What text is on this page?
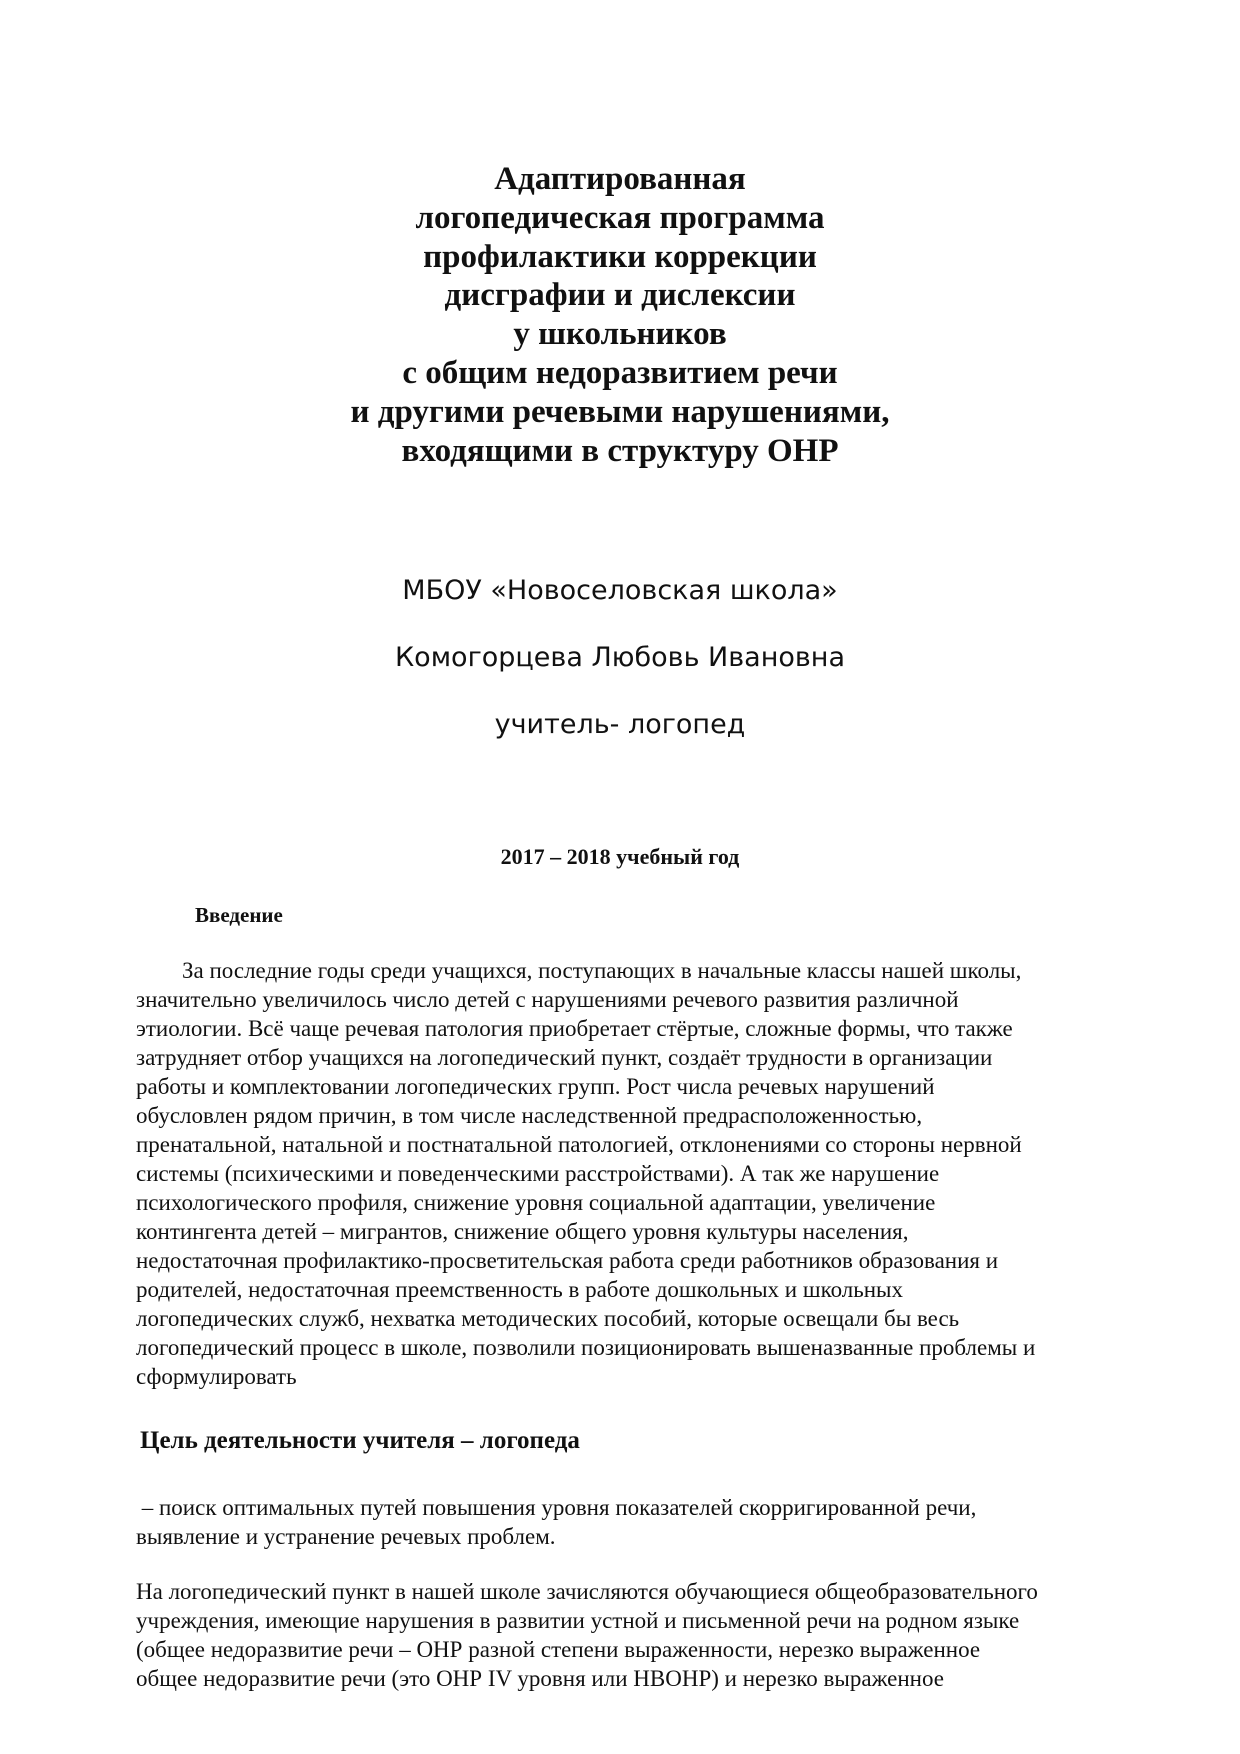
Адаптированная
логопедическая программа
профилактики коррекции
дисграфии и дислексии
у школьников
с общим недоразвитием речи
и другими речевыми нарушениями,
входящими в структуру ОНР
МБОУ «Новоселовская школа»
Комогорцева Любовь Ивановна
учитель- логопед
2017 – 2018 учебный год
Введение
За последние годы среди учащихся, поступающих в начальные классы нашей школы,
значительно увеличилось число детей с нарушениями речевого развития различной
этиологии. Всё чаще речевая патология приобретает стёртые, сложные формы, что также
затрудняет отбор учащихся на логопедический пункт, создаёт трудности в организации
работы и комплектовании логопедических групп. Рост числа речевых нарушений
обусловлен рядом причин, в том числе наследственной предрасположенностью,
пренатальной, натальной и постнатальной патологией, отклонениями со стороны нервной
системы (психическими и поведенческими расстройствами). А так же нарушение
психологического профиля, снижение уровня социальной адаптации, увеличение
контингента детей – мигрантов, снижение общего уровня культуры населения,
недостаточная профилактико-просветительская работа среди работников образования и
родителей, недостаточная преемственность в работе дошкольных и школьных
логопедических служб, нехватка методических пособий, которые освещали бы весь
логопедический процесс в школе, позволили позиционировать вышеназванные проблемы и
сформулировать
Цель деятельности учителя – логопеда
– поиск оптимальных путей повышения уровня показателей скорригированной речи,
выявление и устранение речевых проблем.
На логопедический пункт в нашей школе зачисляются обучающиеся общеобразовательного
учреждения, имеющие нарушения в развитии устной и письменной речи на родном языке
(общее недоразвитие речи – ОНР разной степени выраженности, нерезко выраженное
общее недоразвитие речи (это ОНР IV уровня или НВОНР) и нерезко выраженное
